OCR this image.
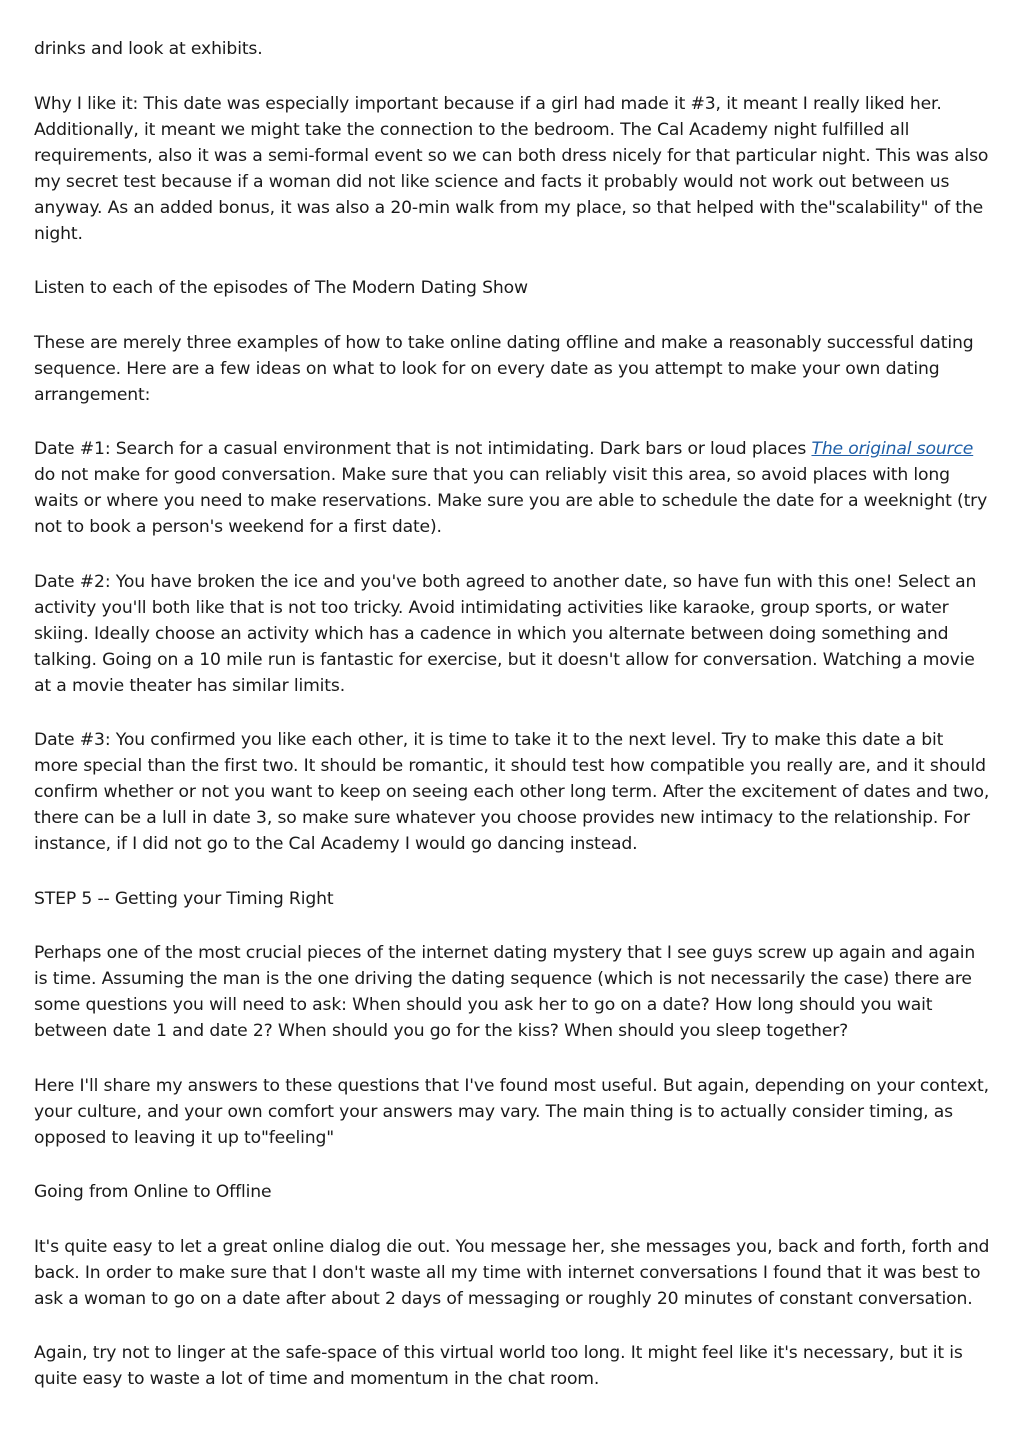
drinks and look at exhibits.

Why I like it: This date was especially important because if a girl had made it #3, it meant I really liked her. Additionally, it meant we might take the connection to the bedroom. The Cal Academy night fulfilled all requirements, also it was a semi-formal event so we can both dress nicely for that particular night. This was also my secret test because if a woman did not like science and facts it probably would not work out between us anyway. As an added bonus, it was also a 20-min walk from my place, so that helped with the"scalability" of the night.

Listen to each of the episodes of The Modern Dating Show

These are merely three examples of how to take online dating offline and make a reasonably successful dating sequence. Here are a few ideas on what to look for on every date as you attempt to make your own dating arrangement:

Date #1: Search for a casual environment that is not intimidating. Dark bars or loud places The original source do not make for good conversation. Make sure that you can reliably visit this area, so avoid places with long waits or where you need to make reservations. Make sure you are able to schedule the date for a weeknight (try not to book a person's weekend for a first date).

Date #2: You have broken the ice and you've both agreed to another date, so have fun with this one! Select an activity you'll both like that is not too tricky. Avoid intimidating activities like karaoke, group sports, or water skiing. Ideally choose an activity which has a cadence in which you alternate between doing something and talking. Going on a 10 mile run is fantastic for exercise, but it doesn't allow for conversation. Watching a movie at a movie theater has similar limits.

Date #3: You confirmed you like each other, it is time to take it to the next level. Try to make this date a bit more special than the first two. It should be romantic, it should test how compatible you really are, and it should confirm whether or not you want to keep on seeing each other long term. After the excitement of dates and two, there can be a lull in date 3, so make sure whatever you choose provides new intimacy to the relationship. For instance, if I did not go to the Cal Academy I would go dancing instead.

STEP 5 -- Getting your Timing Right

Perhaps one of the most crucial pieces of the internet dating mystery that I see guys screw up again and again is time. Assuming the man is the one driving the dating sequence (which is not necessarily the case) there are some questions you will need to ask: When should you ask her to go on a date? How long should you wait between date 1 and date 2? When should you go for the kiss? When should you sleep together?

Here I'll share my answers to these questions that I've found most useful. But again, depending on your context, your culture, and your own comfort your answers may vary. The main thing is to actually consider timing, as opposed to leaving it up to"feeling"

Going from Online to Offline

It's quite easy to let a great online dialog die out. You message her, she messages you, back and forth, forth and back. In order to make sure that I don't waste all my time with internet conversations I found that it was best to ask a woman to go on a date after about 2 days of messaging or roughly 20 minutes of constant conversation.

Again, try not to linger at the safe-space of this virtual world too long. It might feel like it's necessary, but it is quite easy to waste a lot of time and momentum in the chat room.
